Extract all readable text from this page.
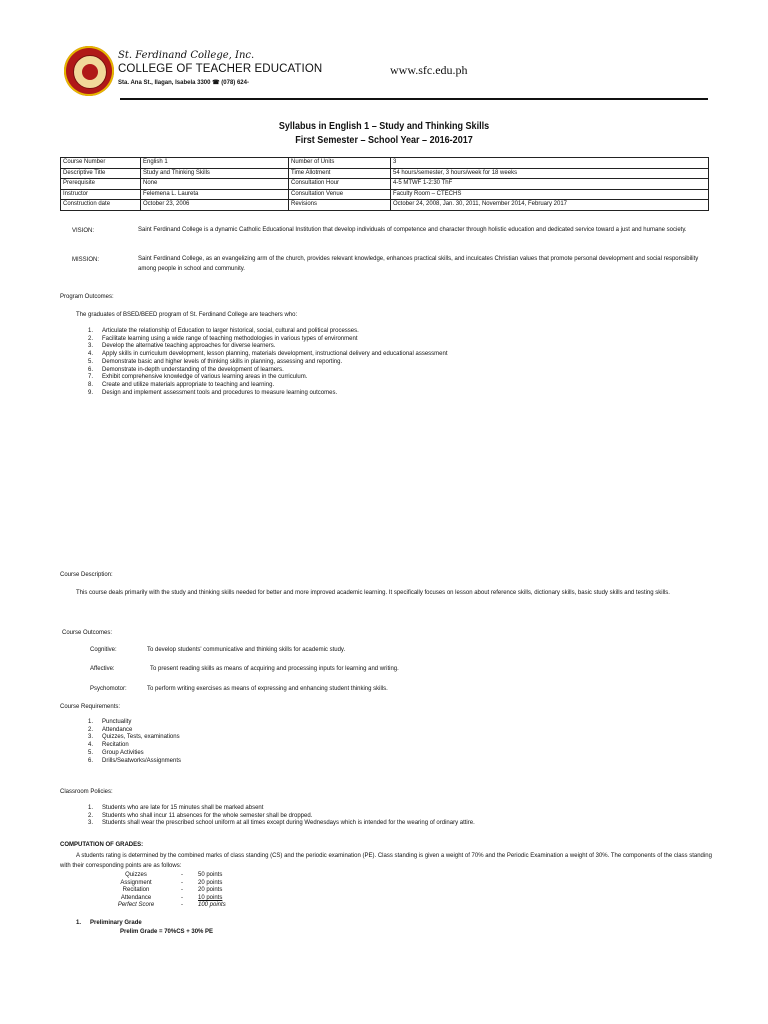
St. Ferdinand College, Inc.
COLLEGE OF TEACHER EDUCATION
Sta. Ana St., Ilagan, Isabela 3300 ☎ (078) 624-
www.sfc.edu.ph
Syllabus in English 1 – Study and Thinking Skills
First Semester – School Year – 2016-2017
Course Number	English 1	Number of Units	3
Descriptive Title	Study and Thinking Skills	Time Allotment	54 hours/semester, 3 hours/week for 18 weeks
Prerequisite	None	Consultation Hour	4-5 MTWF 1-2:30 ThF
Instructor	Felemena L. Laureta	Consultation Venue	Faculty Room – CTECHS
Construction date	October 23, 2006	Revisions	October 24, 2008, Jan. 30, 2011, November 2014, February 2017
VISION:	Saint Ferdinand College is a dynamic Catholic Educational Institution that develop individuals of competence and character through holistic education and dedicated service toward a just and humane society.
MISSION:	Saint Ferdinand College, as an evangelizing arm of the church, provides relevant knowledge, enhances practical skills, and inculcates Christian values that promote personal development and social responsibility among people in school and community.
Program Outcomes:
The graduates of BSED/BEED program of St. Ferdinand College are teachers who:
1. Articulate the relationship of Education to larger historical, social, cultural and political processes.
2. Facilitate learning using a wide range of teaching methodologies in various types of environment
3. Develop the alternative teaching approaches for diverse learners.
4. Apply skills in curriculum development, lesson planning, materials development, instructional delivery and educational assessment
5. Demonstrate basic and higher levels of thinking skills in planning, assessing and reporting.
6. Demonstrate in-depth understanding of the development of learners.
7. Exhibit comprehensive knowledge of various learning areas in the curriculum.
8. Create and utilize materials appropriate to teaching and learning.
9. Design and implement assessment tools and procedures to measure learning outcomes.
Course Description:
This course deals primarily with the study and thinking skills needed for better and more improved academic learning. It specifically focuses on lesson about reference skills, dictionary skills, basic study skills and testing skills.
Course Outcomes:
Cognitive:	To develop students' communicative and thinking skills for academic study.
Affective:	To present reading skills as means of acquiring and processing inputs for learning and writing.
Psychomotor:	To perform writing exercises as means of expressing and enhancing student thinking skills.
Course Requirements:
1. Punctuality
2. Attendance
3. Quizzes, Tests, examinations
4. Recitation
5. Group Activities
6. Drills/Seatworks/Assignments
Classroom Policies:
1. Students who are late for 15 minutes shall be marked absent
2. Students who shall incur 11 absences for the whole semester shall be dropped.
3. Students shall wear the prescribed school uniform at all times except during Wednesdays which is intended for the wearing of ordinary attire.
COMPUTATION OF GRADES:
A students rating is determined by the combined marks of class standing (CS) and the periodic examination (PE). Class standing is given a weight of 70% and the Periodic Examination a weight of 30%. The components of the class standing with their corresponding points are as follows:
Quizzes	-	50 points
Assignment	-	20 points
Recitation	-	20 points
Attendance	-	10 points
Perfect Score	-	100 points
1. Preliminary Grade
Prelim Grade = 70%CS + 30% PE
